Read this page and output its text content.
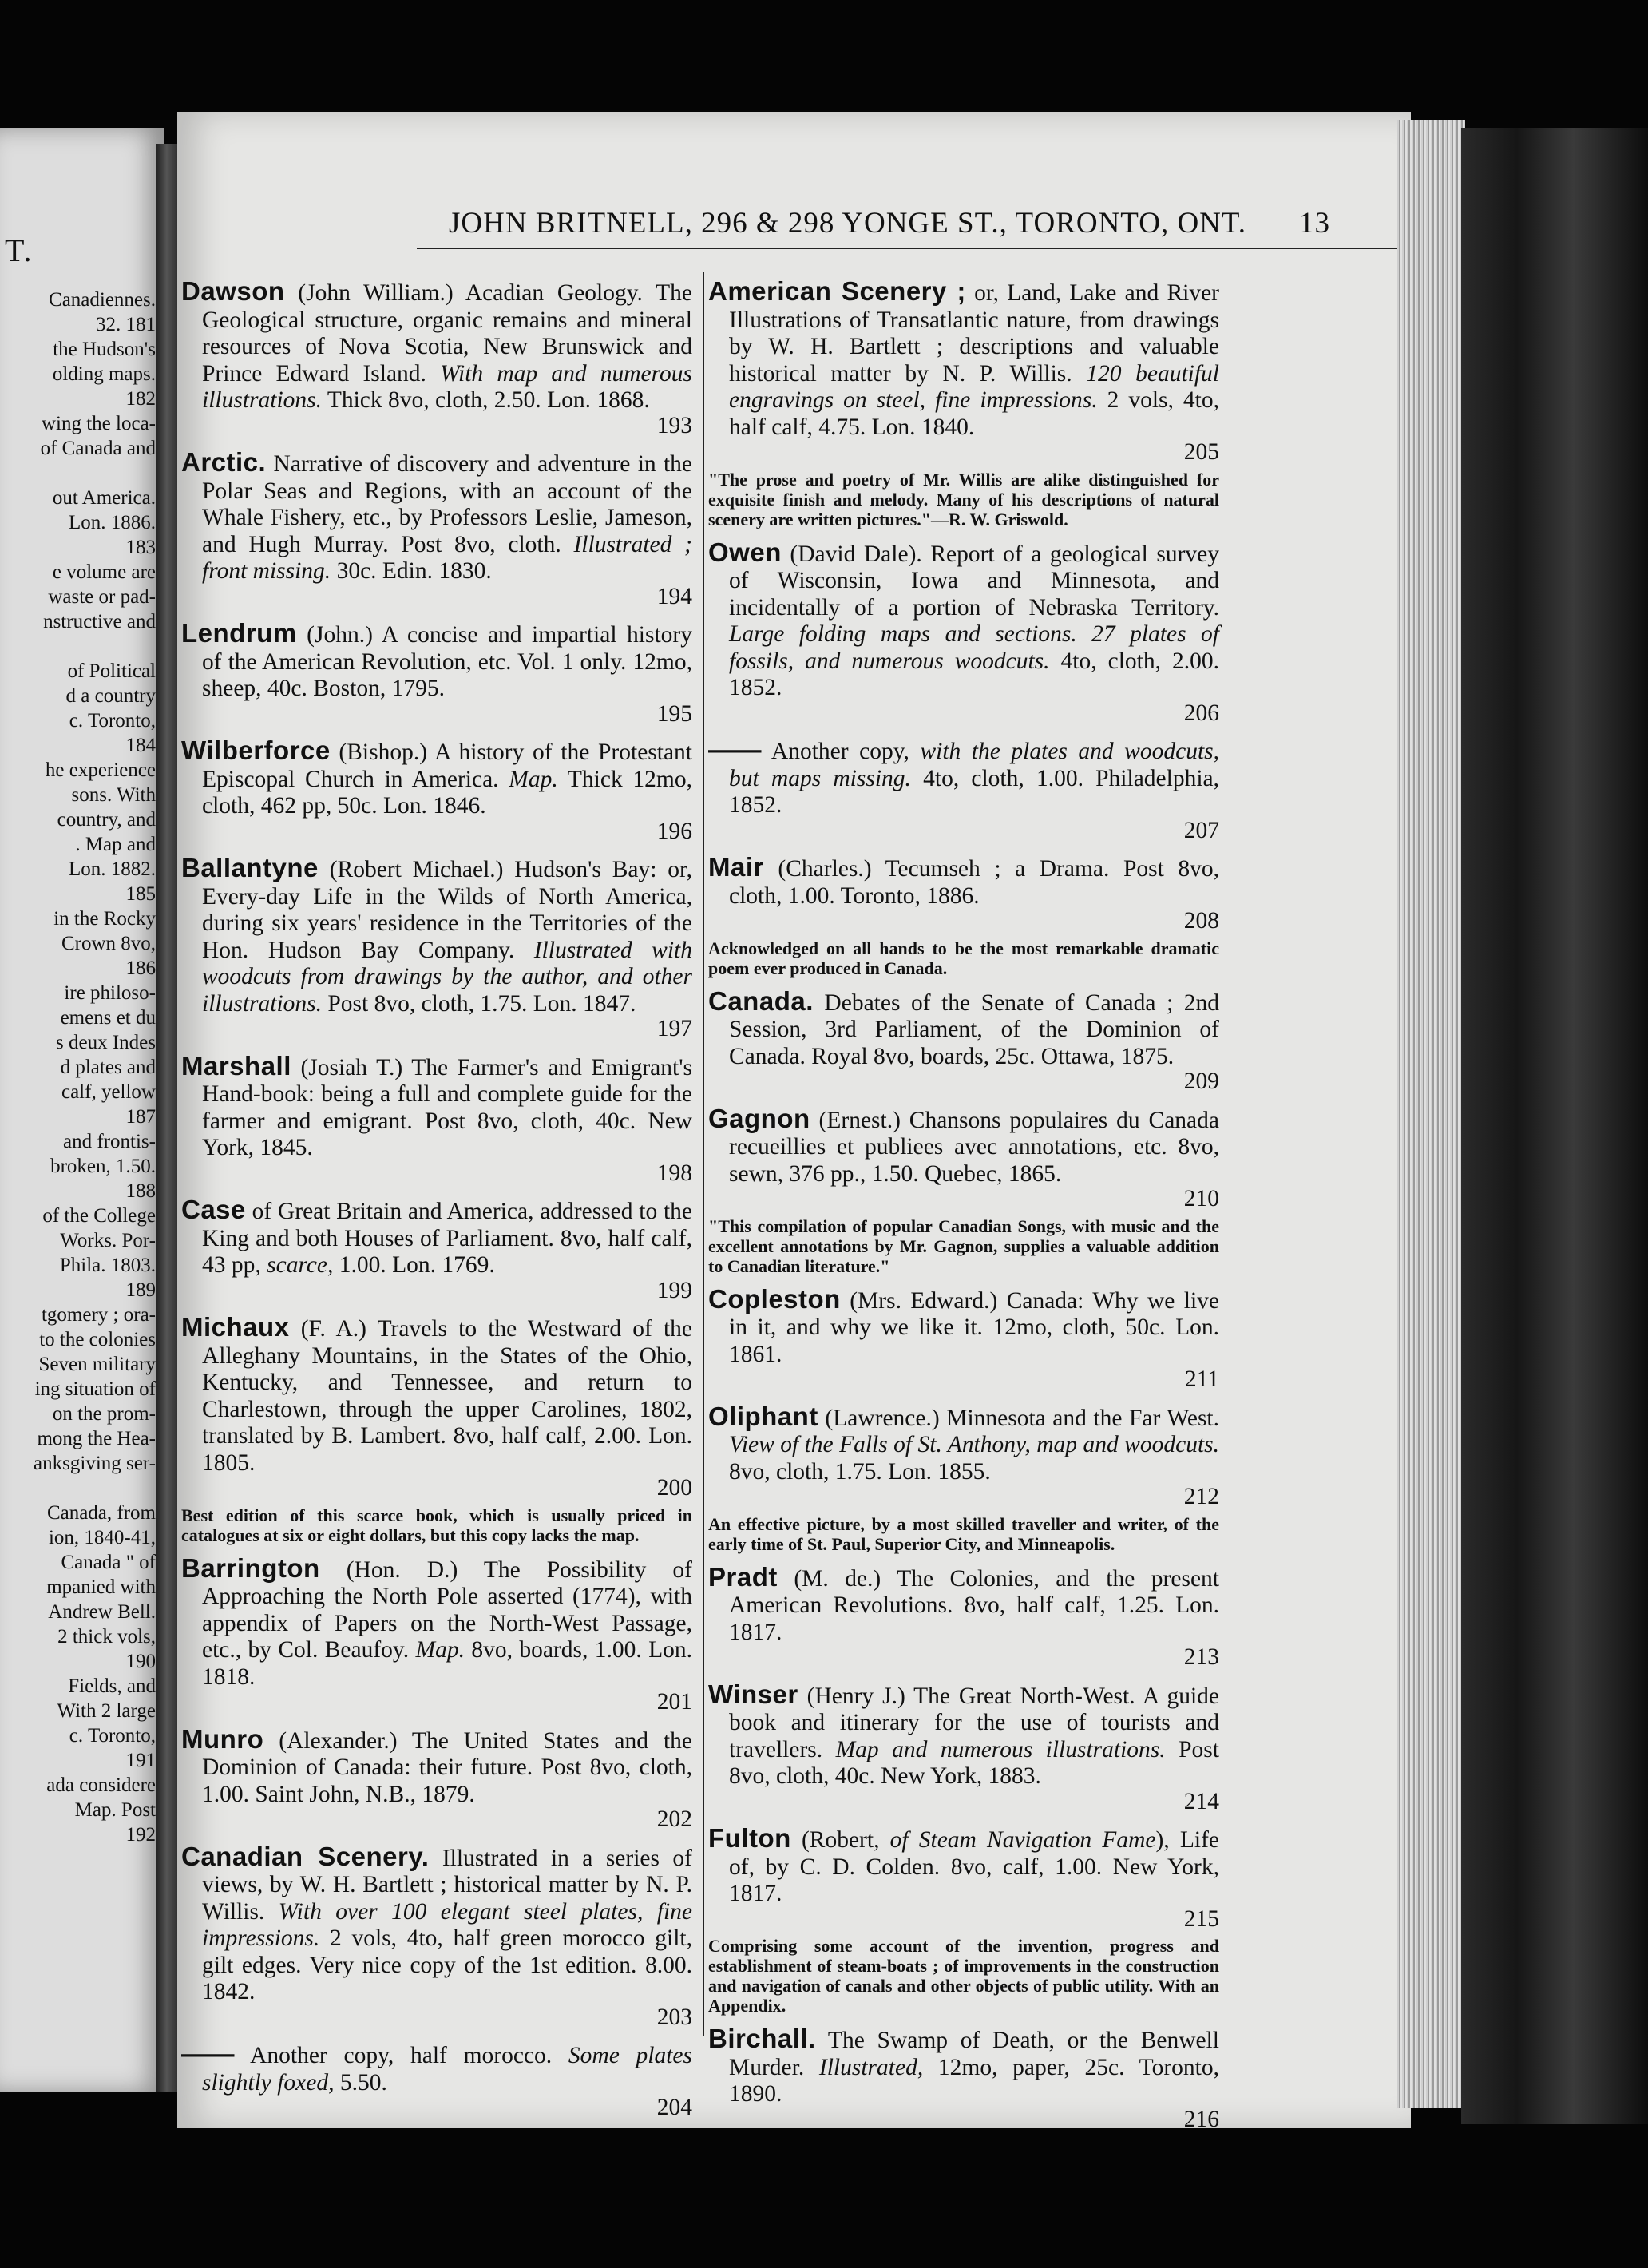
T.
Canadiennes.
32. 181
the Hudson's
olding maps.
182
wing the loca-
of Canada and

out America.
Lon. 1886.
183
e volume are
waste or pad-
nstructive and

of Political
d a country
c. Toronto,
184
he experience
sons. With
country, and
. Map and
Lon. 1882.
185
in the Rocky
Crown 8vo,
186
ire philoso-
emens et du
s deux Indes
d plates and
calf, yellow
187
and frontis-
broken, 1.50.
188
of the College
Works. Por-
Phila. 1803.
189
tgomery ; ora-
to the colonies
Seven military
ing situation of
on the prom-
mong the Hea-
anksgiving ser-

Canada, from
ion, 1840-41,
Canada " of
mpanied with
Andrew Bell.
2 thick vols,
190
Fields, and
With 2 large
c. Toronto,
191
ada considere
Map. Post
192
JOHN BRITNELL, 296 & 298 YONGE ST., TORONTO, ONT. 13
Dawson (John William.) Acadian Geology. The Geological structure, organic remains and mineral resources of Nova Scotia, New Brunswick and Prince Edward Island. With map and numerous illustrations. Thick 8vo, cloth, 2.50. Lon. 1868.
193
Arctic. Narrative of discovery and adventure in the Polar Seas and Regions, with an account of the Whale Fishery, etc., by Professors Leslie, Jameson, and Hugh Murray. Post 8vo, cloth. Illustrated ; front missing. 30c. Edin. 1830.
194
Lendrum (John.) A concise and impartial history of the American Revolution, etc. Vol. 1 only. 12mo, sheep, 40c. Boston, 1795.
195
Wilberforce (Bishop.) A history of the Protestant Episcopal Church in America. Map. Thick 12mo, cloth, 462 pp, 50c. Lon. 1846.
196
Ballantyne (Robert Michael.) Hudson's Bay: or, Every-day Life in the Wilds of North America, during six years' residence in the Territories of the Hon. Hudson Bay Company. Illustrated with woodcuts from drawings by the author, and other illustrations. Post 8vo, cloth, 1.75. Lon. 1847.
197
Marshall (Josiah T.) The Farmer's and Emigrant's Hand-book: being a full and complete guide for the farmer and emigrant. Post 8vo, cloth, 40c. New York, 1845.
198
Case of Great Britain and America, addressed to the King and both Houses of Parliament. 8vo, half calf, 43 pp, scarce, 1.00. Lon. 1769.
199
Michaux (F. A.) Travels to the Westward of the Alleghany Mountains, in the States of the Ohio, Kentucky, and Tennessee, and return to Charlestown, through the upper Carolines, 1802, translated by B. Lambert. 8vo, half calf, 2.00. Lon. 1805.
200
Best edition of this scarce book, which is usually priced in catalogues at six or eight dollars, but this copy lacks the map.
Barrington (Hon. D.) The Possibility of Approaching the North Pole asserted (1774), with appendix of Papers on the North-West Passage, etc., by Col. Beaufoy. Map. 8vo, boards, 1.00. Lon. 1818.
201
Munro (Alexander.) The United States and the Dominion of Canada: their future. Post 8vo, cloth, 1.00. Saint John, N.B., 1879.
202
Canadian Scenery. Illustrated in a series of views, by W. H. Bartlett ; historical matter by N. P. Willis. With over 100 elegant steel plates, fine impressions. 2 vols, 4to, half green morocco gilt, gilt edges. Very nice copy of the 1st edition. 8.00. 1842.
203
—— Another copy, half morocco. Some plates slightly foxed, 5.50.
204
American Scenery ; or, Land, Lake and River Illustrations of Transatlantic nature, from drawings by W. H. Bartlett ; descriptions and valuable historical matter by N. P. Willis. 120 beautiful engravings on steel, fine impressions. 2 vols, 4to, half calf, 4.75. Lon. 1840.
205
"The prose and poetry of Mr. Willis are alike distinguished for exquisite finish and melody. Many of his descriptions of natural scenery are written pictures."—R. W. Griswold.
Owen (David Dale). Report of a geological survey of Wisconsin, Iowa and Minnesota, and incidentally of a portion of Nebraska Territory. Large folding maps and sections. 27 plates of fossils, and numerous woodcuts. 4to, cloth, 2.00. 1852.
206
—— Another copy, with the plates and woodcuts, but maps missing. 4to, cloth, 1.00. Philadelphia, 1852.
207
Mair (Charles.) Tecumseh ; a Drama. Post 8vo, cloth, 1.00. Toronto, 1886.
208
Acknowledged on all hands to be the most remarkable dramatic poem ever produced in Canada.
Canada. Debates of the Senate of Canada ; 2nd Session, 3rd Parliament, of the Dominion of Canada. Royal 8vo, boards, 25c. Ottawa, 1875.
209
Gagnon (Ernest.) Chansons populaires du Canada recueillies et publiees avec annotations, etc. 8vo, sewn, 376 pp., 1.50. Quebec, 1865.
210
"This compilation of popular Canadian Songs, with music and the excellent annotations by Mr. Gagnon, supplies a valuable addition to Canadian literature."
Copleston (Mrs. Edward.) Canada: Why we live in it, and why we like it. 12mo, cloth, 50c. Lon. 1861.
211
Oliphant (Lawrence.) Minnesota and the Far West. View of the Falls of St. Anthony, map and woodcuts. 8vo, cloth, 1.75. Lon. 1855.
212
An effective picture, by a most skilled traveller and writer, of the early time of St. Paul, Superior City, and Minneapolis.
Pradt (M. de.) The Colonies, and the present American Revolutions. 8vo, half calf, 1.25. Lon. 1817.
213
Winser (Henry J.) The Great North-West. A guide book and itinerary for the use of tourists and travellers. Map and numerous illustrations. Post 8vo, cloth, 40c. New York, 1883.
214
Fulton (Robert, of Steam Navigation Fame), Life of, by C. D. Colden. 8vo, calf, 1.00. New York, 1817.
215
Comprising some account of the invention, progress and establishment of steam-boats ; of improvements in the construction and navigation of canals and other objects of public utility. With an Appendix.
Birchall. The Swamp of Death, or the Benwell Murder. Illustrated, 12mo, paper, 25c. Toronto, 1890.
216
